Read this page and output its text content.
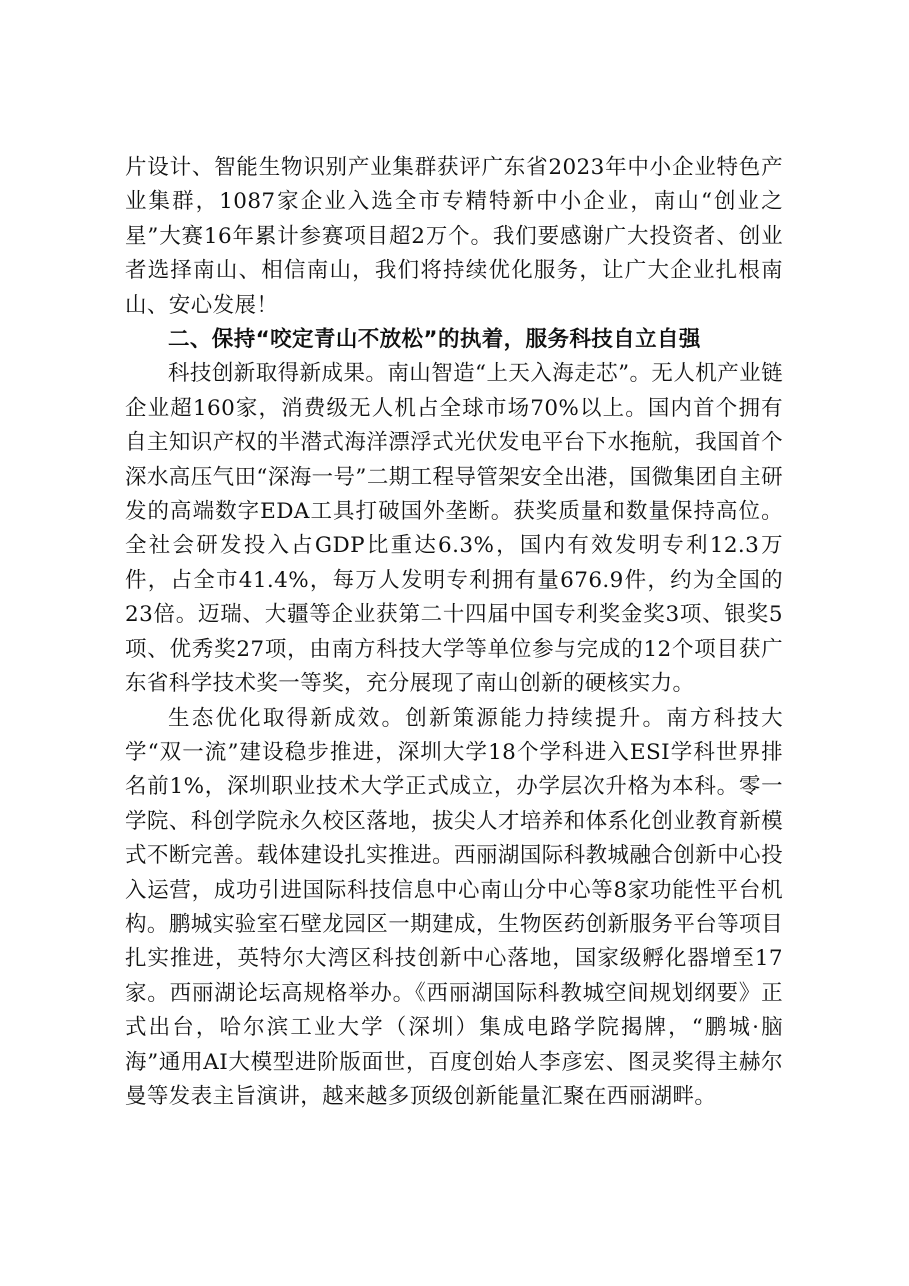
片设计、智能生物识别产业集群获评广东省2023年中小企业特色产业集群，1087家企业入选全市专精特新中小企业，南山“创业之星”大赛16年累计参赛项目超2万个。我们要感谢广大投资者、创业者选择南山、相信南山，我们将持续优化服务，让广大企业扎根南山、安心发展！

二、保持“咬定青山不放松”的执着，服务科技自立自强

科技创新取得新成果。南山智造“上天入海走芯”。无人机产业链企业超160家，消费级无人机占全球市场70%以上。国内首个拥有自主知识产权的半潜式海洋漂浮式光伏发电平台下水拖航，我国首个深水高压气田“深海一号”二期工程导管架安全出港，国微集团自主研发的高端数字EDA工具打破国外垄断。获奖质量和数量保持高位。全社会研发投入占GDP比重达6.3%，国内有效发明专利12.3万件，占全市41.4%，每万人发明专利拥有量676.9件，约为全国的23倍。迈瑞、大疆等企业获第二十四届中国专利奖金奖3项、银奖5项、优秀奖27项，由南方科技大学等单位参与完成的12个项目获广东省科学技术奖一等奖，充分展现了南山创新的硬核实力。

生态优化取得新成效。创新策源能力持续提升。南方科技大学“双一流”建设稳步推进，深圳大学18个学科进入ESI学科世界排名前1%，深圳职业技术大学正式成立，办学层次升格为本科。零一学院、科创学院永久校区落地，拔尖人才培养和体系化创业教育新模式不断完善。载体建设扎实推进。西丽湖国际科教城融合创新中心投入运营，成功引进国际科技信息中心南山分中心等8家功能性平台机构。鹏城实验室石壁龙园区一期建成，生物医药创新服务平台等项目扎实推进，英特尔大湾区科技创新中心落地，国家级孵化器增至17家。西丽湖论坛高规格举办。《西丽湖国际科教城空间规划纲要》正式出台，哈尔滨工业大学（深圳）集成电路学院揭牌，“鹏城·脑海”通用AI大模型进阶版面世，百度创始人李彦宏、图灵奖得主赫尔曼等发表主旨演讲，越来越多顶级创新能量汇聚在西丽湖畔。
